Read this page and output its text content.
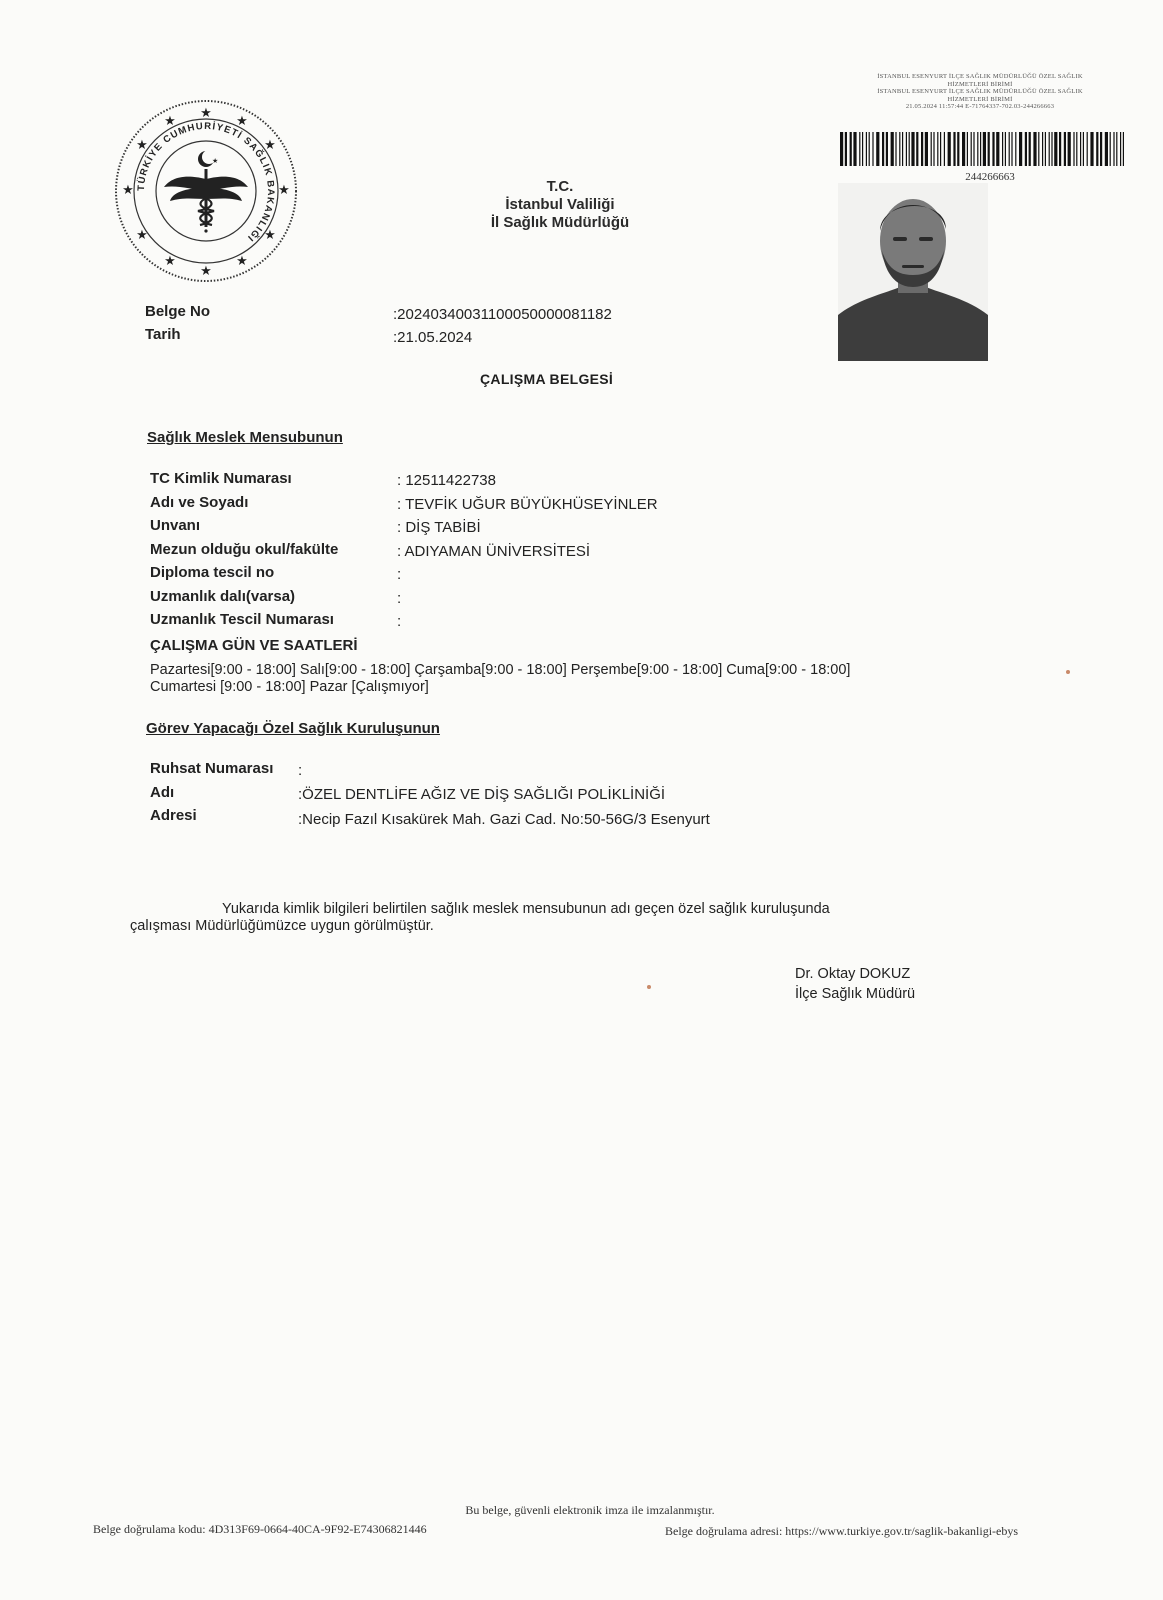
★
★
★
★
★
★
★
★
★
★
★
★
TÜRKİYE CUMHURİYETİ SAĞLIK BAKANLIĞI
★
T.C.
İstanbul Valiliği
İl Sağlık Müdürlüğü
İSTANBUL ESENYURT İLÇE SAĞLIK MÜDÜRLÜĞÜ ÖZEL SAĞLIK
HİZMETLERİ BİRİMİ
İSTANBUL ESENYURT İLÇE SAĞLIK MÜDÜRLÜĞÜ ÖZEL SAĞLIK
HİZMETLERİ BİRİMİ
21.05.2024 11:57:44 E-71764337-702.03-244266663
244266663
Belge No	:20240340031100050000081182
Tarih	:21.05.2024
ÇALIŞMA BELGESİ
Sağlık Meslek Mensubunun
TC Kimlik Numarası	: 12511422738
Adı ve Soyadı	: TEVFİK UĞUR BÜYÜKHÜSEYİNLER
Unvanı	: DİŞ TABİBİ
Mezun olduğu okul/fakülte	: ADIYAMAN ÜNİVERSİTESİ
Diploma tescil no	:
Uzmanlık dalı(varsa)	:
Uzmanlık Tescil Numarası	:
ÇALIŞMA GÜN VE SAATLERİ
Pazartesi[9:00 - 18:00] Salı[9:00 - 18:00] Çarşamba[9:00 - 18:00] Perşembe[9:00 - 18:00] Cuma[9:00 - 18:00]
Cumartesi [9:00 - 18:00] Pazar [Çalışmıyor]
Görev Yapacağı Özel Sağlık Kuruluşunun
Ruhsat Numarası :
Adı	:ÖZEL DENTLİFE AĞIZ VE DİŞ SAĞLIĞI POLİKLİNİĞİ
Adresi	:Necip Fazıl Kısakürek Mah. Gazi Cad. No:50-56G/3 Esenyurt
Yukarıda kimlik bilgileri belirtilen sağlık meslek mensubunun adı geçen özel sağlık kuruluşunda
çalışması Müdürlüğümüzce uygun görülmüştür.
Dr. Oktay DOKUZ
İlçe Sağlık Müdürü
Bu belge, güvenli elektronik imza ile imzalanmıştır.
Belge doğrulama kodu: 4D313F69-0664-40CA-9F92-E74306821446	Belge doğrulama adresi: https://www.turkiye.gov.tr/saglik-bakanligi-ebys
